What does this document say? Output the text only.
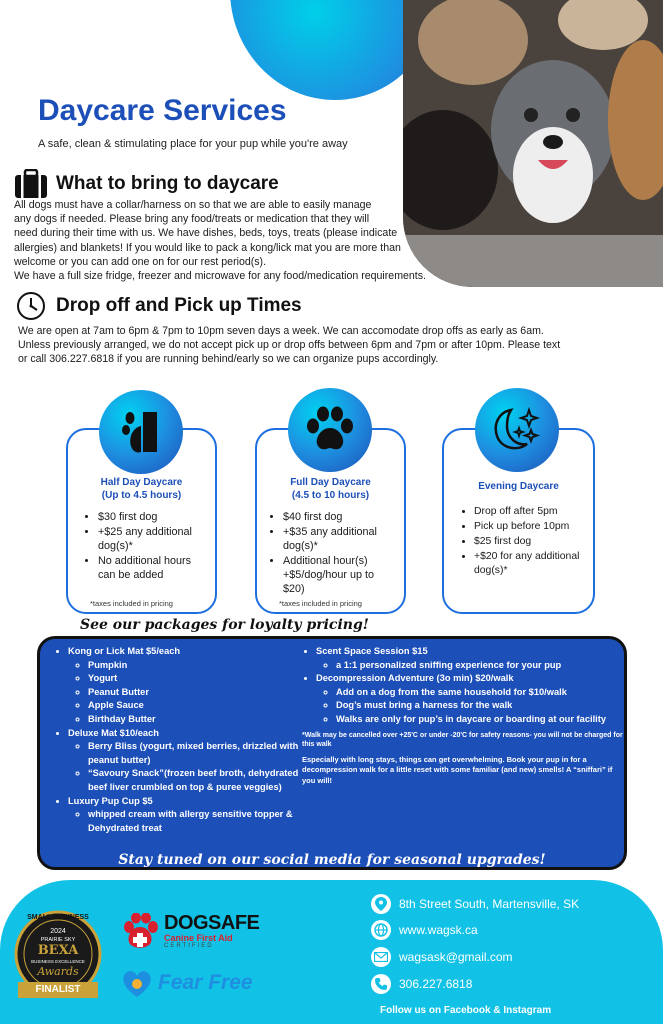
Daycare Services

A safe, clean & stimulating place for your pup while you're away

What to bring to daycare
All dogs must have a collar/harness on so that we are able to easily manage
any dogs if needed. Please bring any food/treats or medication that they will
need during their time with us. We have dishes, beds, toys, treats (please indicate
allergies) and blankets! If you would like to pack a kong/lick mat you are more than
welcome or you can add one on for our rest period(s).
We have a full size fridge, freezer and microwave for any food/medication requirements.
Drop off and Pick up Times
We are open at 7am to 6pm & 7pm to 10pm seven days a week. We can accomodate drop offs as early as 6am.
Unless previously arranged, we do not accept pick up or drop offs between 6pm and 7pm or after 10pm. Please text
or call 306.227.6818 if you are running behind/early so we can organize pups accordingly.
Half Day Daycare
(Up to 4.5 hours)
• $30 first dog
• +$25 any additional dog(s)*
• No additional hours can be added
*taxes included in pricing
Full Day Daycare
(4.5 to 10 hours)
• $40 first dog
• +$35 any additional dog(s)*
• Additional hour(s) +$5/dog/hour up to $20)
*taxes included in pricing
Evening Daycare
• Drop off after 5pm
• Pick up before 10pm
• $25 first dog
• +$20 for any additional dog(s)*
See our packages for loyalty pricing!
• Kong or Lick Mat $5/each
◦ Pumpkin
◦ Yogurt
◦ Peanut Butter
◦ Apple Sauce
◦ Birthday Butter
• Deluxe Mat $10/each
◦ Berry Bliss (yogurt, mixed berries, drizzled with peanut butter)
◦ “Savoury Snack”(frozen beef broth, dehydrated beef liver crumbled on top & puree veggies)
• Luxury Pup Cup $5
◦ whipped cream with allergy sensitive topper & Dehydrated treat
• Scent Space Session $15
◦ a 1:1 personalized sniffing experience for your pup
• Decompression Adventure (3o min) $20/walk
◦ Add on a dog from the same household for $10/walk
◦ Dog’s must bring a harness for the walk
◦ Walks are only for pup’s in daycare or boarding at our facility
*Walk may be cancelled over +25'C or under -20'C for safety reasons- you will not be charged for this walk
Especially with long stays, things can get overwhelming. Book your pup in for a decompression walk for a little reset with some familiar (and new) smells! A “sniffari” if you will!
Stay tuned on our social media for seasonal upgrades!
SMALL BUSINESS
2024
PRAIRIE SKY
BEXA
BUSINESS EXCELLENCE
Awards
FINALIST
DOGSAFE
Canine First Aid
CERTIFIED
Fear Free
8th Street South, Martensville, SK
www.wagsk.ca
wagsask@gmail.com
306.227.6818
Follow us on Facebook & Instagram
